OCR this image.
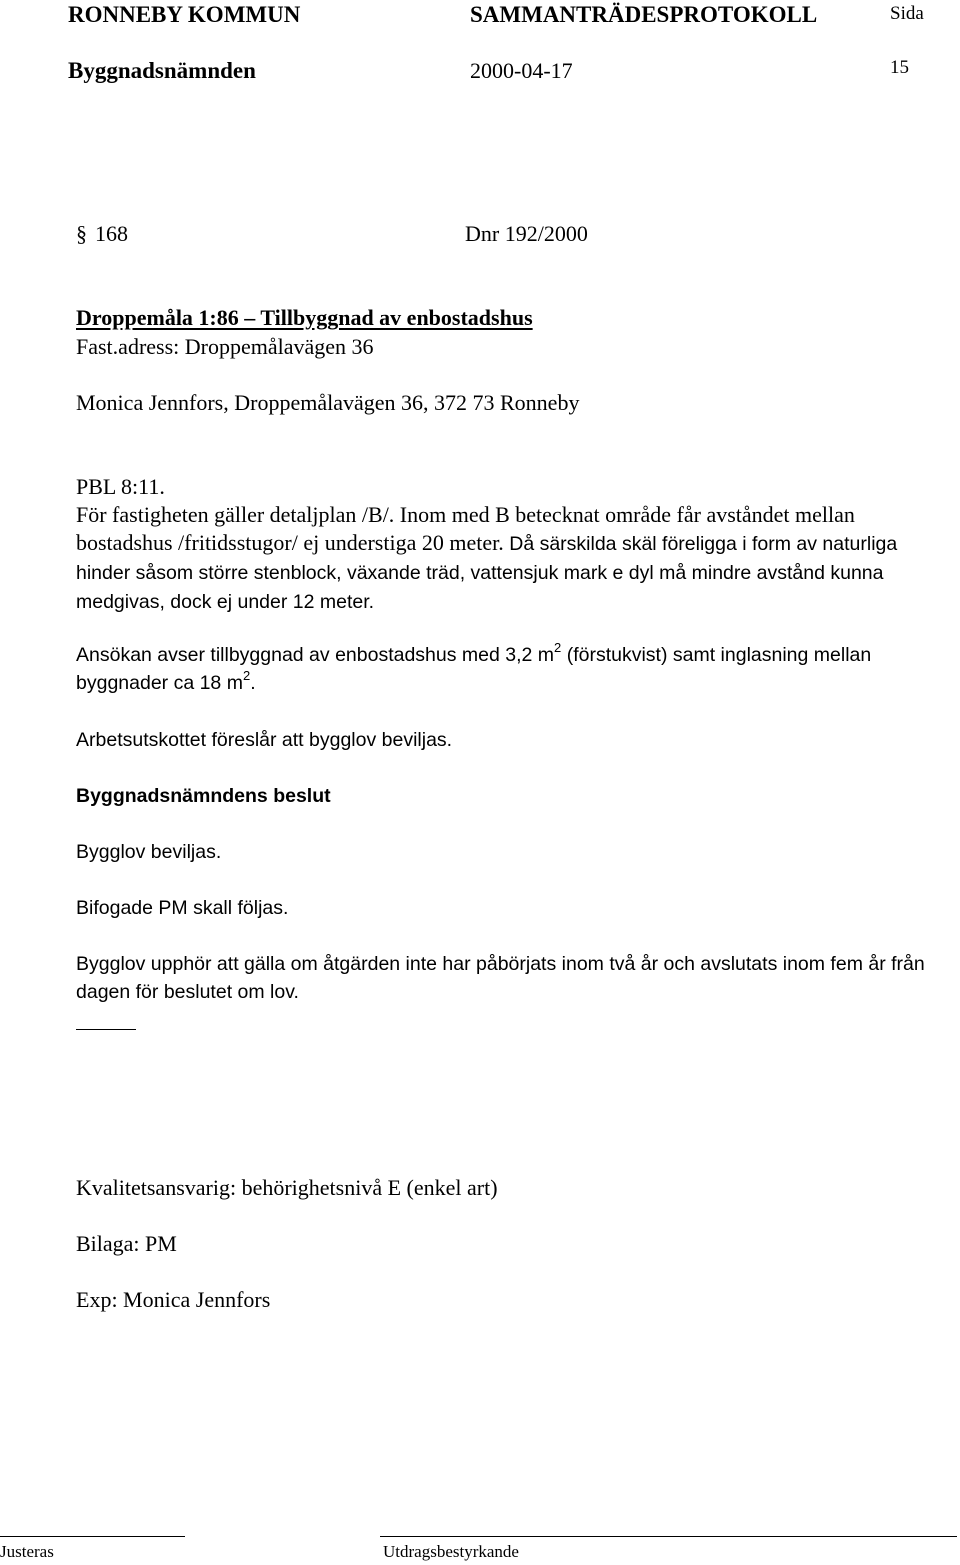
RONNEBY KOMMUN	SAMMANTRÄDESPROTOKOLL	Sida
Byggnadsnämnden	2000-04-17	15
§ 168	Dnr 192/2000
Droppemåla 1:86 – Tillbyggnad av enbostadshus
Fast.adress: Droppemålavägen 36
Monica Jennfors, Droppemålavägen 36, 372 73 Ronneby
PBL 8:11.
För fastigheten gäller detaljplan /B/. Inom med B betecknat område får avståndet mellan bostadshus /fritidsstugor/ ej understiga 20 meter. Då särskilda skäl föreligga i form av naturliga hinder såsom större stenblock, växande träd, vattensjuk mark e dyl må mindre avstånd kunna medgivas, dock ej under 12 meter.
Ansökan avser tillbyggnad av enbostadshus med 3,2 $m^2$ (förstukvist) samt inglasning mellan byggnader ca 18 $m^2$.
Arbetsutskottet föreslår att bygglov beviljas.
Byggnadsnämndens beslut
Bygglov beviljas.
Bifogade PM skall följas.
Bygglov upphör att gälla om åtgärden inte har påbörjats inom två år och avslutats inom fem år från dagen för beslutet om lov.
Kvalitetsansvarig: behörighetsnivå E (enkel art)
Bilaga: PM
Exp: Monica Jennfors
Justeras	Utdragsbestyrkande
